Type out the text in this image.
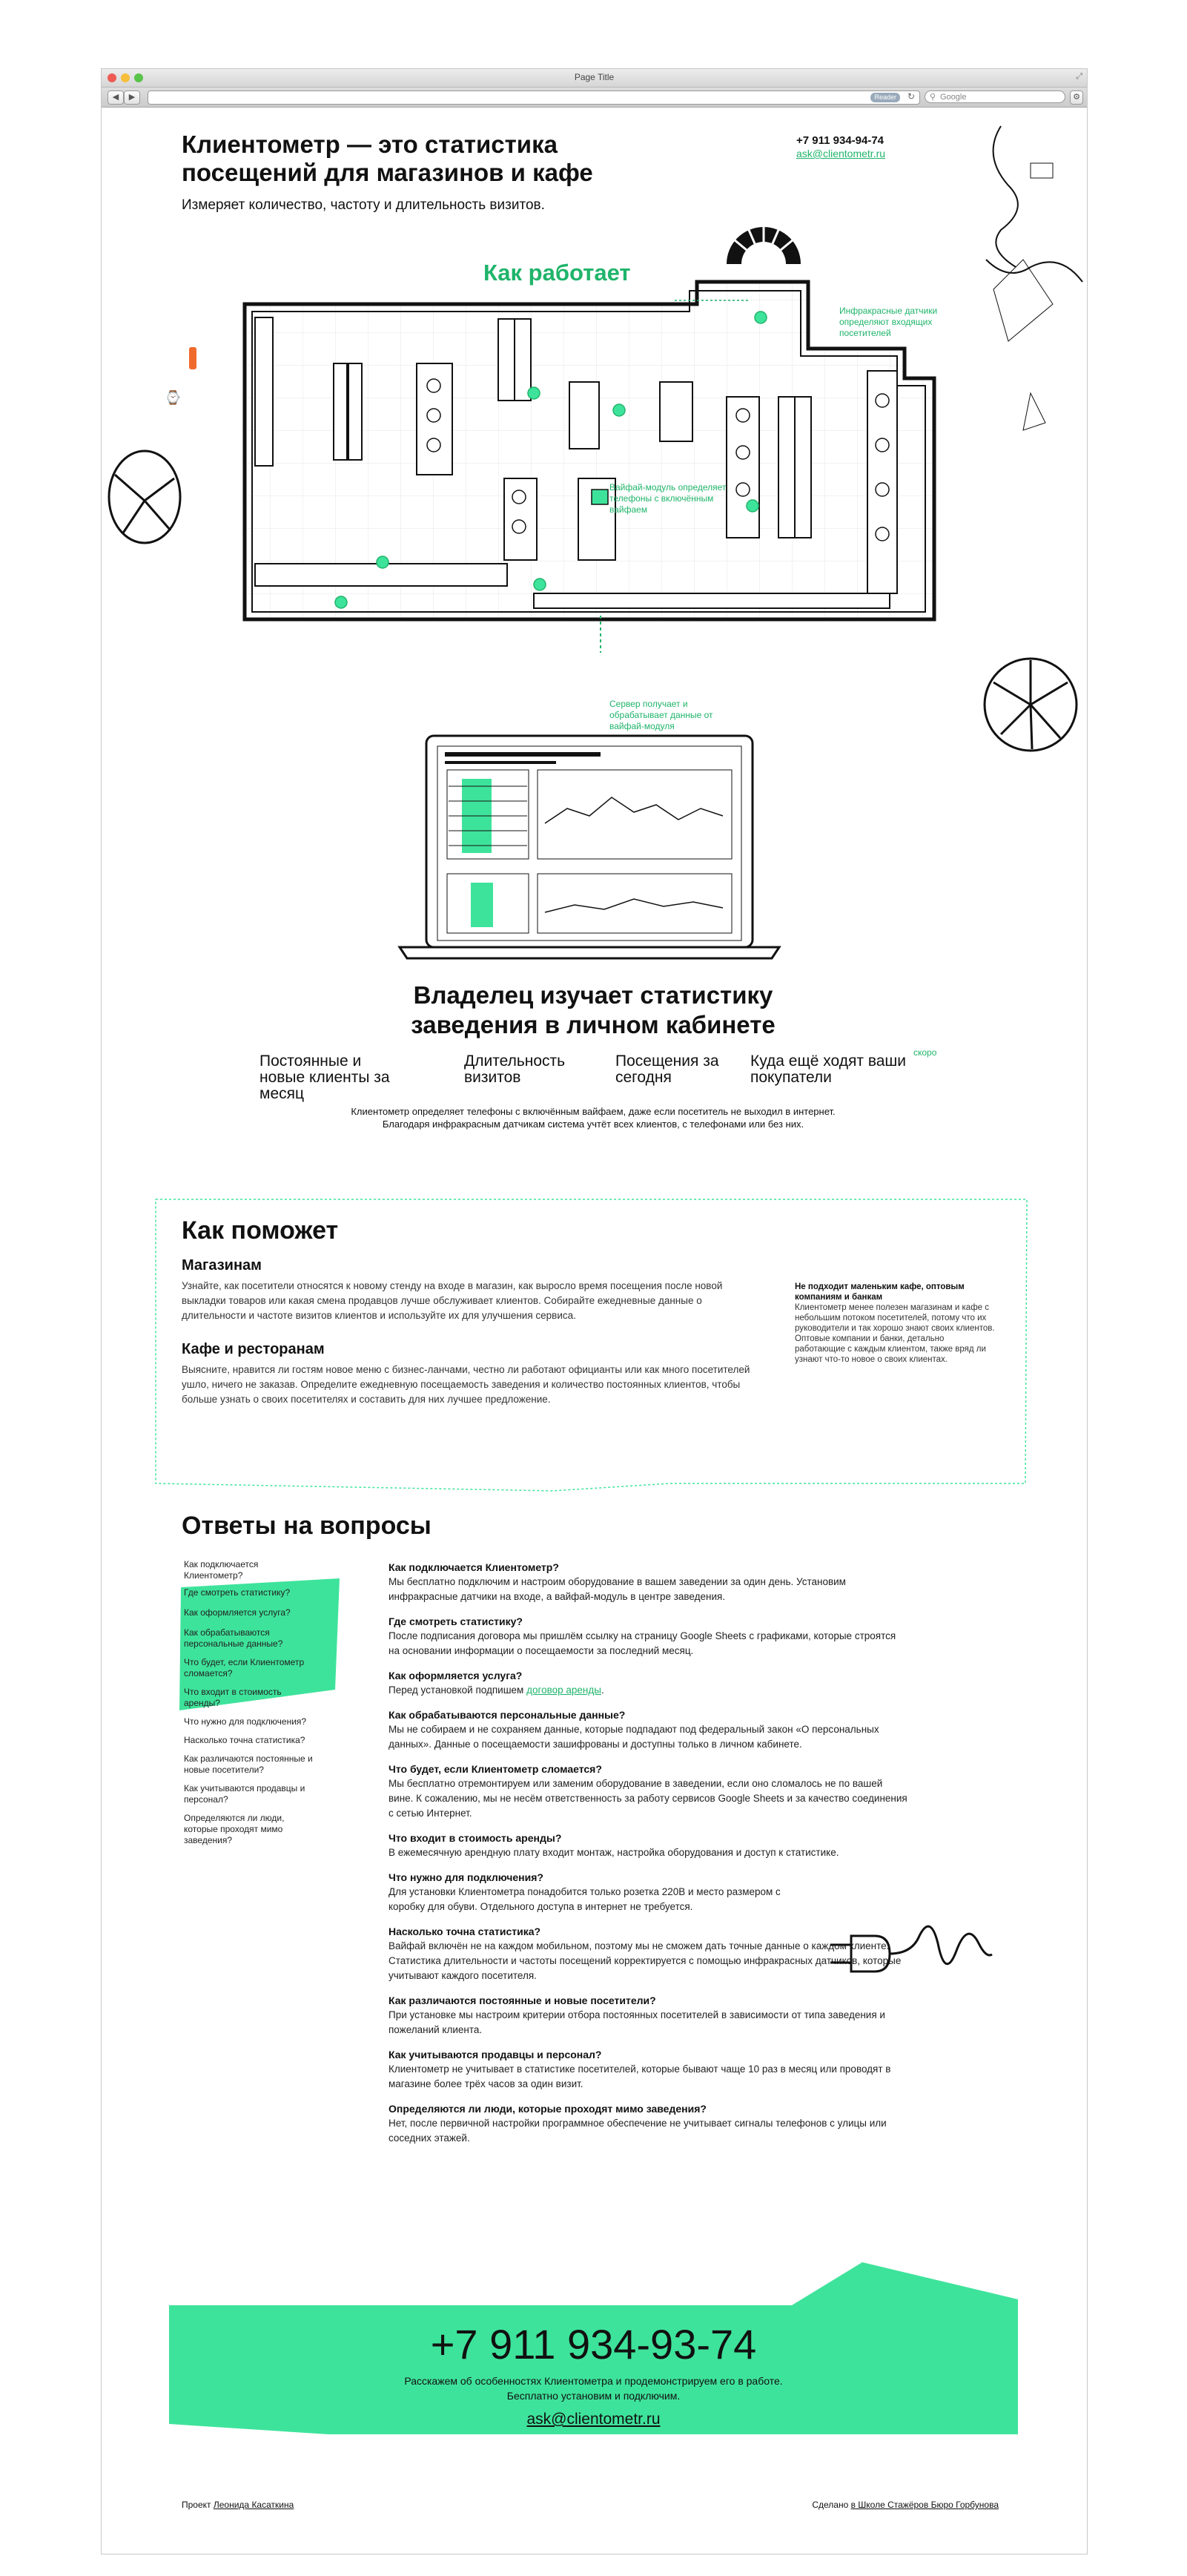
Page Title	⤢
◀	▶	Reader	↻ ⚲ Google	⚙
Клиентометр — это статистика
посещений для магазинов и кафе
Измеряет количество, частоту и длительность визитов.
+7 911 934-94-74
ask@clientometr.ru
⌚
Как работает
Инфракрасные датчики определяют входящих посетителей
Вайфай-модуль определяет телефоны с включённым вайфаем
Сервер получает и обрабатывает данные от вайфай-модуля
Владелец изучает статистику
заведения в личном кабинете
Постоянные и новые клиенты за месяц
Длительность визитов
Посещения за сегодня
Куда ещё ходят ваши покупатели
скоро
Клиентометр определяет телефоны с включённым вайфаем, даже если посетитель не выходил в интернет.
Благодаря инфракрасным датчикам система учтёт всех клиентов, с телефонами или без них.
Как поможет
Магазинам
Узнайте, как посетители относятся к новому стенду на входе в магазин, как выросло время посещения после новой выкладки товаров или какая смена продавцов лучше обслуживает клиентов. Собирайте ежедневные данные о длительности и частоте визитов клиентов и используйте их для улучшения сервиса.
Кафе и ресторанам
Выясните, нравится ли гостям новое меню с бизнес-ланчами, честно ли работают официанты или как много посетителей ушло, ничего не заказав. Определите ежедневную посещаемость заведения и количество постоянных клиентов, чтобы больше узнать о своих посетителях и составить для них лучшее предложение.
Не подходит маленьким кафе, оптовым компаниям и банкам
Клиентометр менее полезен магазинам и кафе с небольшим потоком посетителей, потому что их руководители и так хорошо знают своих клиентов. Оптовые компании и банки, детально работающие с каждым клиентом, также вряд ли узнают что-то новое о своих клиентах.
Ответы на вопросы
Как подключается Клиентометр?
Где смотреть статистику?
Как оформляется услуга?
Как обрабатываются персональные данные?
Что будет, если Клиентометр сломается?
Что входит в стоимость аренды?
Что нужно для подключения?
Насколько точна статистика?
Как различаются постоянные и новые посетители?
Как учитываются продавцы и персонал?
Определяются ли люди, которые проходят мимо заведения?
Как подключается Клиентометр?
Мы бесплатно подключим и настроим оборудование в вашем заведении за один день. Установим инфракрасные датчики на входе, а вайфай-модуль в центре заведения.
Где смотреть статистику?
После подписания договора мы пришлём ссылку на страницу Google Sheets с графиками, которые строятся на основании информации о посещаемости за последний месяц.
Как оформляется услуга?
Перед установкой подпишем договор аренды.
Как обрабатываются персональные данные?
Мы не собираем и не сохраняем данные, которые подпадают под федеральный закон «О персональных данных». Данные о посещаемости зашифрованы и доступны только в личном кабинете.
Что будет, если Клиентометр сломается?
Мы бесплатно отремонтируем или заменим оборудование в заведении, если оно сломалось не по вашей вине. К сожалению, мы не несём ответственность за работу сервисов Google Sheets и за качество соединения с сетью Интернет.
Что входит в стоимость аренды?
В ежемесячную арендную плату входит монтаж, настройка оборудования и доступ к статистике.
Что нужно для подключения?
Для установки Клиентометра понадобится только розетка 220В и место размером с коробку для обуви. Отдельного доступа в интернет не требуется.
Насколько точна статистика?
Вайфай включён не на каждом мобильном, поэтому мы не сможем дать точные данные о каждом клиенте. Статистика длительности и частоты посещений корректируется с помощью инфракрасных датчиков, которые учитывают каждого посетителя.
Как различаются постоянные и новые посетители?
При установке мы настроим критерии отбора постоянных посетителей в зависимости от типа заведения и пожеланий клиента.
Как учитываются продавцы и персонал?
Клиентометр не учитывает в статистике посетителей, которые бывают чаще 10 раз в месяц или проводят в магазине более трёх часов за один визит.
Определяются ли люди, которые проходят мимо заведения?
Нет, после первичной настройки программное обеспечение не учитывает сигналы телефонов с улицы или соседних этажей.
+7 911 934-93-74
Расскажем об особенностях Клиентометра и продемонстрируем его в работе.
Бесплатно установим и подключим.
ask@clientometr.ru
Проект Леонида Касаткина	Сделано в Школе Стажёров Бюро Горбунова
